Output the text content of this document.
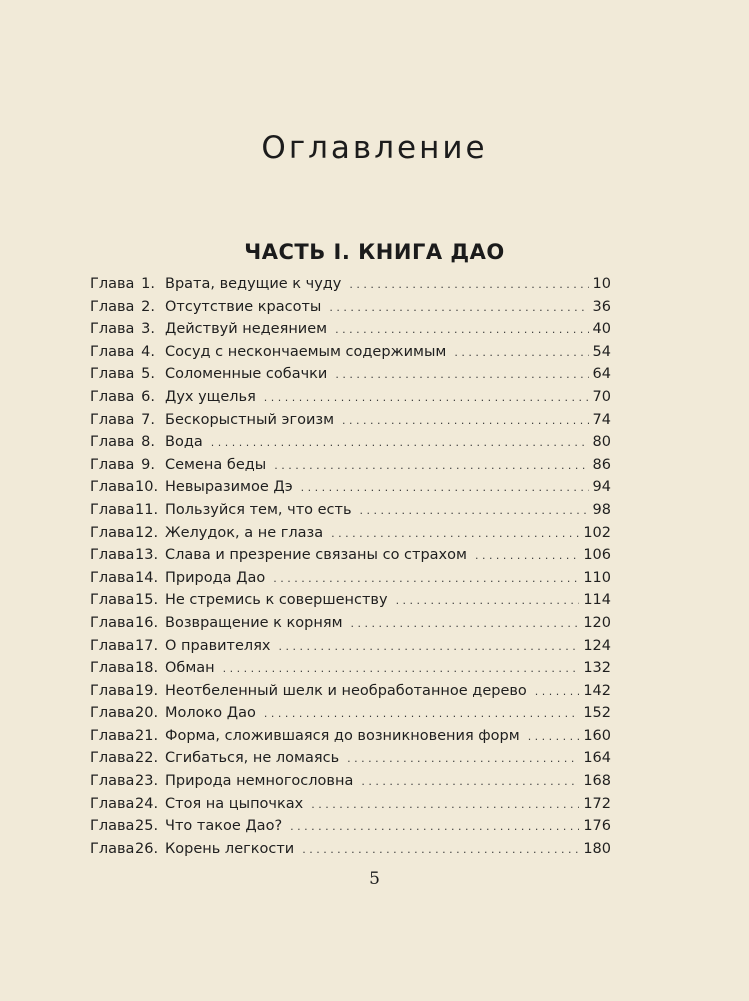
Оглавление
ЧАСТЬ I. КНИГА ДАО
Глава 1. Врата, ведущие к чуду . . .	10
Глава 2. Отсутствие красоты . . .	36
Глава 3. Действуй недеянием . . .	40
Глава 4. Сосуд с нескончаемым содержимым . . .	54
Глава 5. Соломенные собачки . . .	64
Глава 6. Дух ущелья . . .	70
Глава 7. Бескорыстный эгоизм . . .	74
Глава 8. Вода . . .	80
Глава 9. Семена беды . . .	86
Глава 10. Невыразимое Дэ . . .	94
Глава 11. Пользуйся тем, что есть . . .	98
Глава 12. Желудок, а не глаза . . .	102
Глава 13. Слава и презрение связаны со страхом . . .	106
Глава 14. Природа Дао . . .	110
Глава 15. Не стремись к совершенству . . .	114
Глава 16. Возвращение к корням . . .	120
Глава 17. О правителях . . .	124
Глава 18. Обман . . .	132
Глава 19. Неотбеленный шелк и необработанное дерево . . .	142
Глава 20. Молоко Дао . . .	152
Глава 21. Форма, сложившаяся до возникновения форм . . .	160
Глава 22. Сгибаться, не ломаясь . . .	164
Глава 23. Природа немногословна . . .	168
Глава 24. Стоя на цыпочках . . .	172
Глава 25. Что такое Дао? . . .	176
Глава 26. Корень легкости . . .	180
5
